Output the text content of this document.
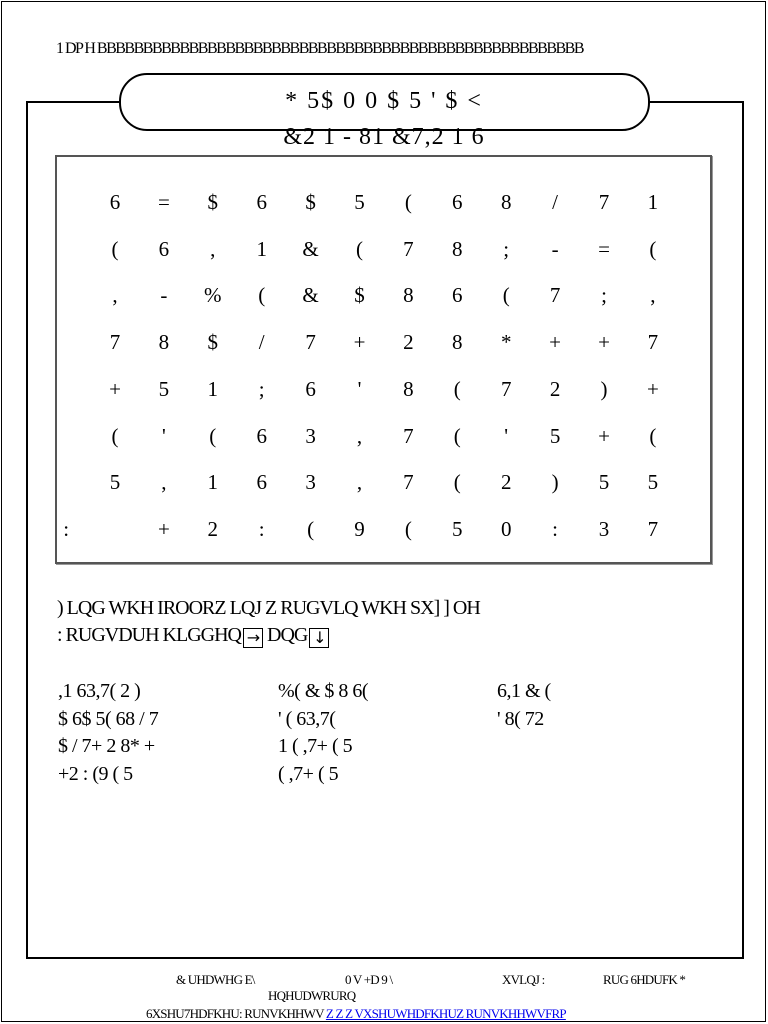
1 DP H BBBBBBBBBBBBBBBBBBBBBBBBBBBBBBBBBBBBBBBBBBBBBBBBBBBBB
* 5$ 0 0 $ 5 ' $ <
&2 1 - 81 &7,2 1 6
6	=	$	6	$	5	(	6	8	/	7	1
(	6	,	1	&	(	7	8	;	-	=	(
,	-	%	(	&	$	8	6	(	7	;	,
7	8	$	/	7	+	2	8	*	+	+	7
+	5	1	;	6	'	8	(	7	2	)	+
(	'	(	6	3	,	7	(	'	5	+	(
5	,	1	6	3	,	7	(	2	)	5	5
:	+	2	:	(	9	(	5	0	:	3	7
) LQG WKH IROORZ LQJ Z RUGVLQ WKH SX] ] OH
: RUGVDUH KLGGHQ → DQG ↓
,1 63,7( 2 )	%( & $ 8 6(	6,1 & (
$ 6$ 5( 68 / 7	' ( 63,7(	' 8( 72
$ / 7+ 2 8* +	1 ( ,7+ ( 5
+2 : (9 ( 5	( ,7+ ( 5
& UHDWHG E\	0 V +D 9 \	XVLQJ :	RUG 6HDUFK *
HQHUDWRURQ
6XSHU7HDFKHU: RUNVKHHWV Z Z Z VXSHUWHDFKHUZ RUNVKHHWVFRP
